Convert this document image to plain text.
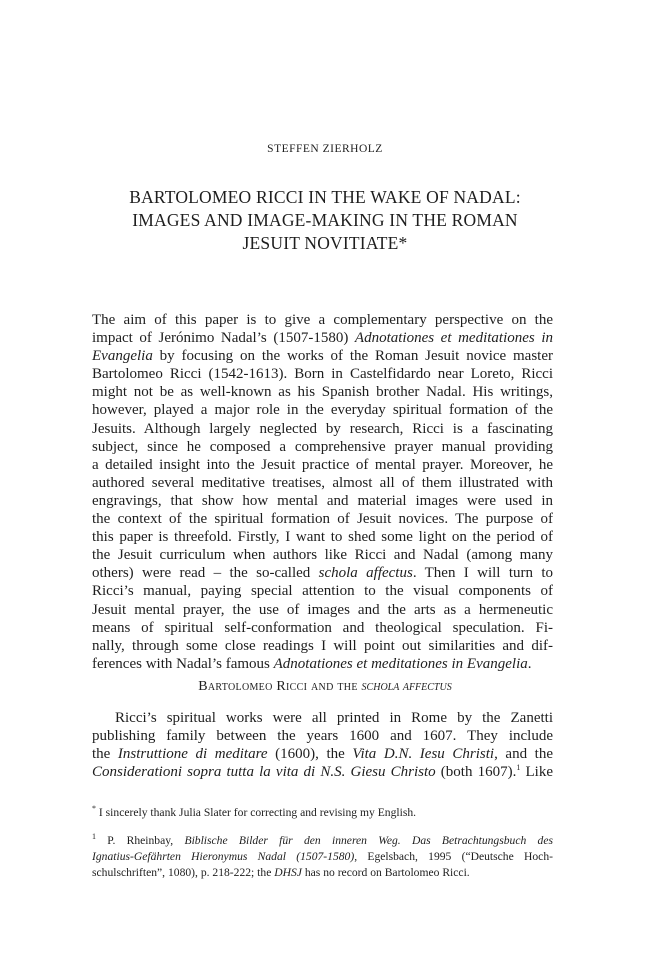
STEFFEN ZIERHOLZ
BARTOLOMEO RICCI IN THE WAKE OF NADAL:
IMAGES AND IMAGE-MAKING IN THE ROMAN
JESUIT NOVITIATE*
The aim of this paper is to give a complementary perspective on the
impact of Jerónimo Nadal’s (1507-1580) Adnotationes et meditationes in
Evangelia by focusing on the works of the Roman Jesuit novice master
Bartolomeo Ricci (1542-1613). Born in Castelfidardo near Loreto, Ricci
might not be as well-known as his Spanish brother Nadal. His writings,
however, played a major role in the everyday spiritual formation of the
Jesuits. Although largely neglected by research, Ricci is a fascinating
subject, since he composed a comprehensive prayer manual providing
a detailed insight into the Jesuit practice of mental prayer. Moreover, he
authored several meditative treatises, almost all of them illustrated with
engravings, that show how mental and material images were used in
the context of the spiritual formation of Jesuit novices. The purpose of
this paper is threefold. Firstly, I want to shed some light on the period of
the Jesuit curriculum when authors like Ricci and Nadal (among many
others) were read – the so-called schola affectus. Then I will turn to
Ricci’s manual, paying special attention to the visual components of
Jesuit mental prayer, the use of images and the arts as a hermeneutic
means of spiritual self-conformation and theological speculation. Fi-
nally, through some close readings I will point out similarities and dif-
ferences with Nadal’s famous Adnotationes et meditationes in Evangelia.
Bartolomeo Ricci and the schola affectus
Ricci’s spiritual works were all printed in Rome by the Zanetti
publishing family between the years 1600 and 1607. They include
the Instruttione di meditare (1600), the Vita D.N. Iesu Christi, and the
Considerationi sopra tutta la vita di N.S. Giesu Christo (both 1607).$^1$ Like
* I sincerely thank Julia Slater for correcting and revising my English.
$^1$ P. Rheinbay, Biblische Bilder für den inneren Weg. Das Betrachtungsbuch des
Ignatius-Gefährten Hieronymus Nadal (1507-1580), Egelsbach, 1995 (“Deutsche Hoch-
schulschriften”, 1080), p. 218-222; the DHSJ has no record on Bartolomeo Ricci.
